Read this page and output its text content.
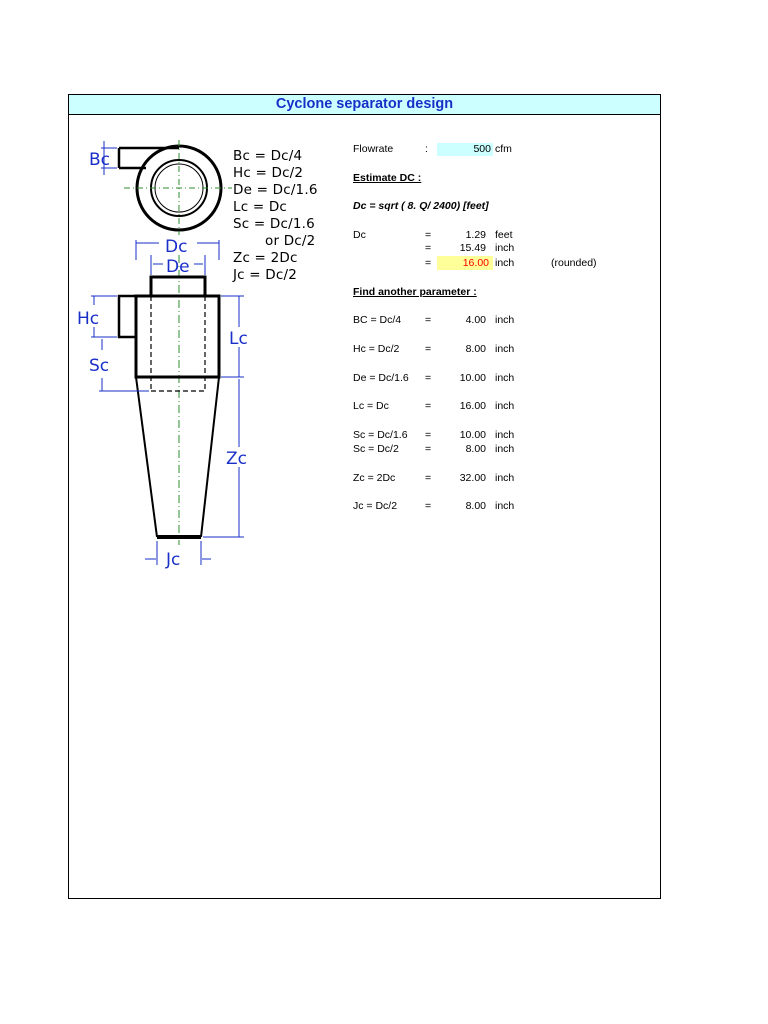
Cyclone separator design
Bc
Dc
De
Hc
Sc
Lc
Zc
Jc
Bc = Dc/4
Hc = Dc/2
De = Dc/1.6
Lc = Dc
Sc = Dc/1.6
or Dc/2
Zc = 2Dc
Jc = Dc/2
Flowrate	:	500 cfm
Estimate DC :
Dc = sqrt ( 8. Q/ 2400) [feet]
Dc	=	1.29 feet
=	15.49 inch
=	16.00 inch	(rounded)
Find another parameter :
BC = Dc/4 =	4.00 inch
Hc = Dc/2 =	8.00 inch
De = Dc/1.6 =	10.00 inch
Lc = Dc	=	16.00 inch
Sc = Dc/1.6 =	10.00 inch
Sc = Dc/2 =	8.00 inch
Zc = 2Dc	=	32.00 inch
Jc = Dc/2	=	8.00 inch
